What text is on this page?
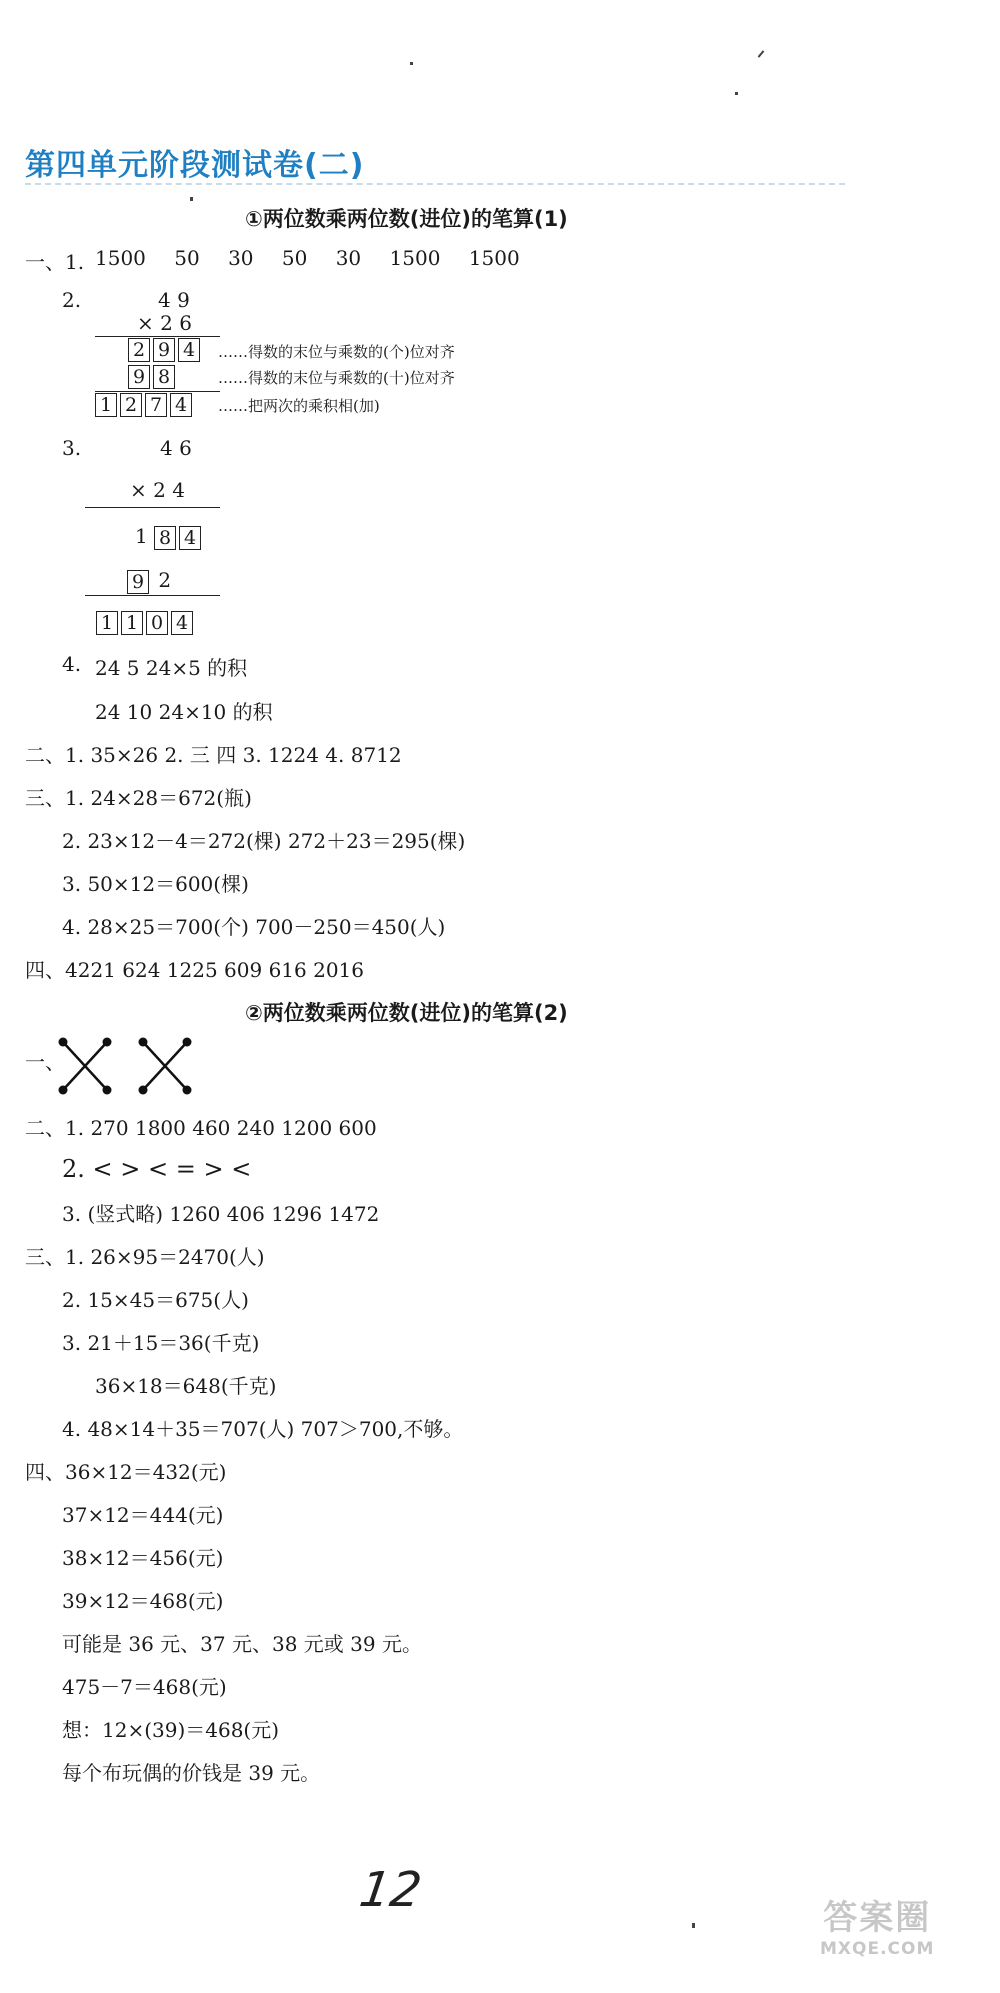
第四单元阶段测试卷(二)
①两位数乘两位数(进位)的笔算(1)
一、1. 1500 50 30 50 30 1500 1500
2.	4 9
× 2 6
2 9 4	……得数的末位与乘数的(个)位对齐
9 8	……得数的末位与乘数的(十)位对齐
1 2 7 4	……把两次的乘积相(加)
3.	4 6
× 2 4
1 8 4
9 2
1 1 0 4
4. 24 5 24×5 的积
24 10 24×10 的积
二、1. 35×26 2. 三 四 3. 1224 4. 8712
三、1. 24×28＝672(瓶)
2. 23×12－4＝272(棵) 272＋23＝295(棵)
3. 50×12＝600(棵)
4. 28×25＝700(个) 700－250＝450(人)
四、4221 624 1225 609 616 2016
②两位数乘两位数(进位)的笔算(2)
一、
二、1. 270 1800 460 240 1200 600
2. < > < = > <
3. (竖式略) 1260 406 1296 1472
三、1. 26×95＝2470(人)
2. 15×45＝675(人)
3. 21＋15＝36(千克)
36×18＝648(千克)
4. 48×14＋35＝707(人) 707＞700,不够。
四、36×12＝432(元)
37×12＝444(元)
38×12＝456(元)
39×12＝468(元)
可能是 36 元、37 元、38 元或 39 元。
475－7＝468(元)
想：12×(39)＝468(元)
每个布玩偶的价钱是 39 元。
12	答案圈
MXQE.COM
